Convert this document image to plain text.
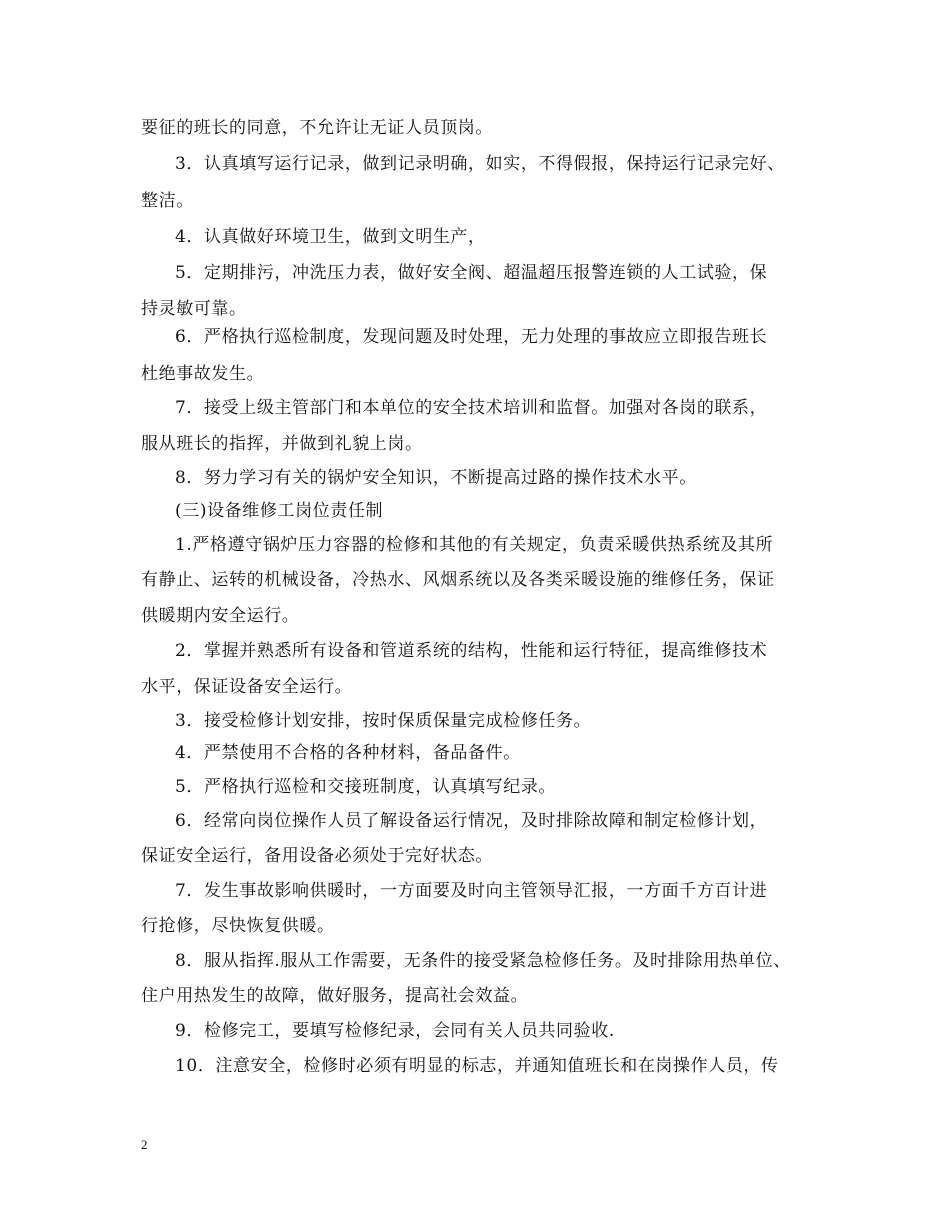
要征的班长的同意，不允许让无证人员顶岗。
3．认真填写运行记录，做到记录明确，如实，不得假报，保持运行记录完好、
整洁。
4．认真做好环境卫生，做到文明生产，
5．定期排污，冲洗压力表，做好安全阀、超温超压报警连锁的人工试验，保
持灵敏可靠。
6．严格执行巡检制度，发现问题及时处理，无力处理的事故应立即报告班长
杜绝事故发生。
7．接受上级主管部门和本单位的安全技术培训和监督。加强对各岗的联系，
服从班长的指挥，并做到礼貌上岗。
8．努力学习有关的锅炉安全知识，不断提高过路的操作技术水平。
(三)设备维修工岗位责任制
1.严格遵守锅炉压力容器的检修和其他的有关规定，负责采暖供热系统及其所
有静止、运转的机械设备，冷热水、风烟系统以及各类采暖设施的维修任务，保证
供暖期内安全运行。
2．掌握并熟悉所有设备和管道系统的结构，性能和运行特征，提高维修技术
水平，保证设备安全运行。
3．接受检修计划安排，按时保质保量完成检修任务。
4．严禁使用不合格的各种材料，备品备件。
5．严格执行巡检和交接班制度，认真填写纪录。
6．经常向岗位操作人员了解设备运行情况，及时排除故障和制定检修计划，
保证安全运行，备用设备必须处于完好状态。
7．发生事故影响供暖时，一方面要及时向主管领导汇报，一方面千方百计进
行抢修，尽快恢复供暖。
8．服从指挥.服从工作需要，无条件的接受紧急检修任务。及时排除用热单位、
住户用热发生的故障，做好服务，提高社会效益。
9．检修完工，要填写检修纪录，会同有关人员共同验收.
10．注意安全，检修时必须有明显的标志，并通知值班长和在岗操作人员，传
2
